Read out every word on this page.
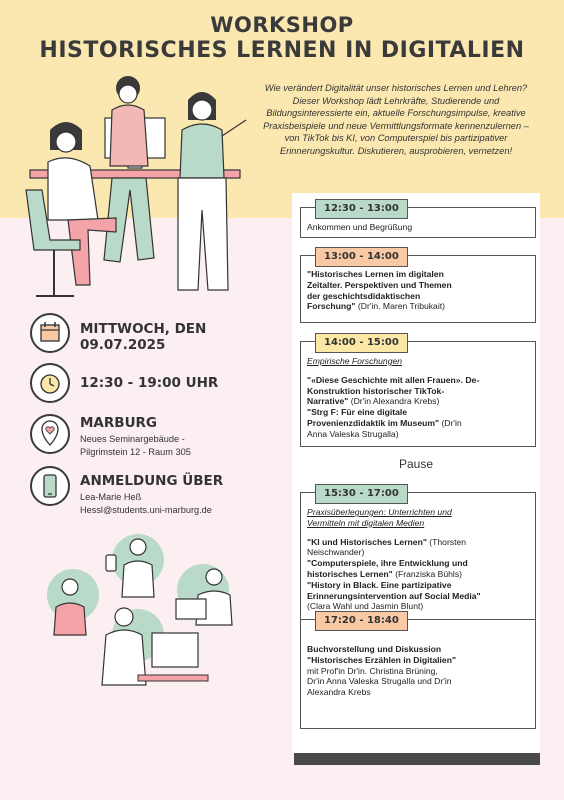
WORKSHOP
HISTORISCHES LERNEN IN DIGITALIEN
Wie verändert Digitalität unser historisches Lernen und Lehren? Dieser Workshop lädt Lehrkräfte, Studierende und Bildungsinteressierte ein, aktuelle Forschungsimpulse, kreative Praxisbeispiele und neue Vermittlungsformate kennenzulernen – von TikTok bis KI, von Computerspiel bis partizipativer Erinnerungskultur. Diskutieren, ausprobieren, vernetzen!
MITTWOCH, DEN
09.07.2025
12:30 - 19:00 UHR
MARBURG
Neues Seminargebäude -
Pilgrimstein 12 - Raum 305
ANMELDUNG ÜBER
Lea-Marie Heß
Hessl@students.uni-marburg.de
12:30 - 13:00
Ankommen und Begrüßung
13:00 - 14:00
"Historisches Lernen im digitalen
Zeitalter. Perspektiven und Themen
der geschichtsdidaktischen
Forschung" (Dr'in. Maren Tribukait)
14:00 - 15:00
Empirische Forschungen

"«Diese Geschichte mit allen Frauen». De-
Konstruktion historischer TikTok-
Narrative" (Dr'in Alexandra Krebs)
"Strg F: Für eine digitale
Provenienzdidaktik im Museum" (Dr'in
Anna Valeska Strugalla)
Pause
15:30 - 17:00
Praxisüberlegungen: Unterrichten und
Vermitteln mit digitalen Medien

"KI und Historisches Lernen" (Thorsten
Neischwander)
"Computerspiele, ihre Entwicklung und
historisches Lernen" (Franziska Bühls)
"History in Black. Eine partizipative
Erinnerungsintervention auf Social Media"
(Clara Wahl und Jasmin Blunt)
17:20 - 18:40
Buchvorstellung und Diskussion
"Historisches Erzählen in Digitalien"
mit Prof'in Dr'in. Christina Brüning,
Dr'in Anna Valeska Strugalla und Dr'in
Alexandra Krebs
